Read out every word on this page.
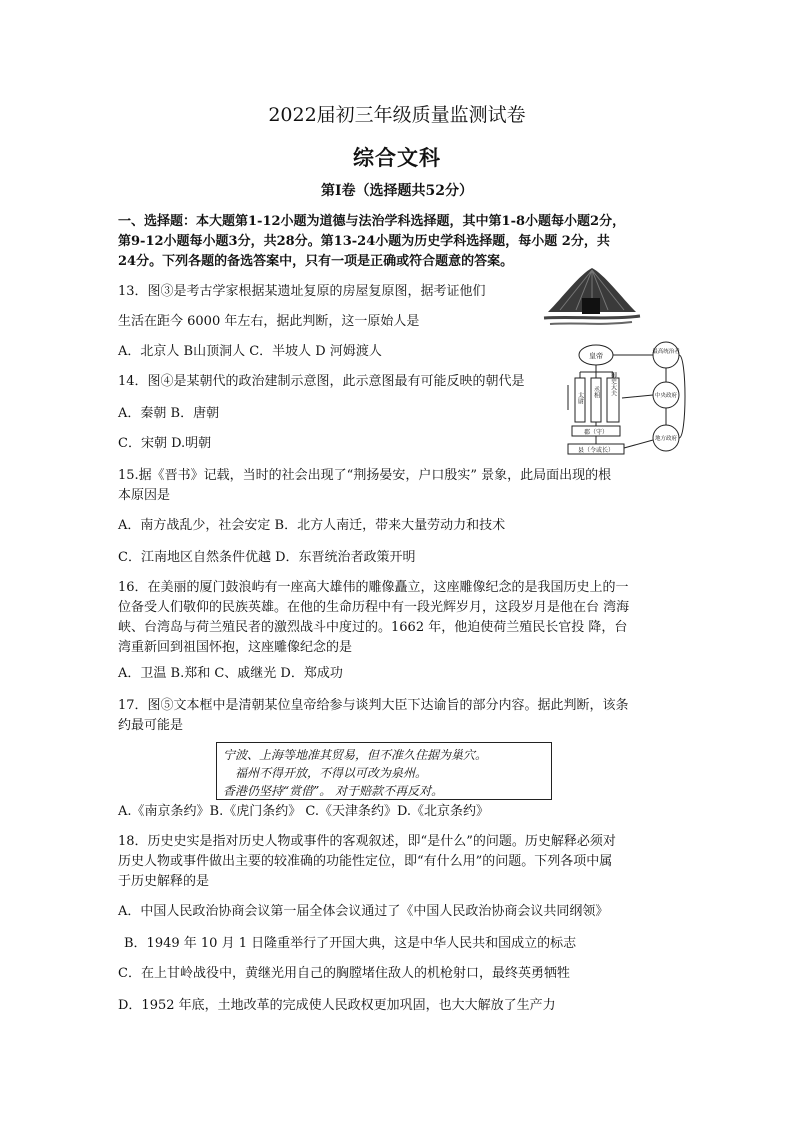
2022届初三年级质量监测试卷
综合文科
第Ⅰ卷（选择题共52分）
一、选择题：本大题第1-12小题为道德与法治学科选择题，其中第1-8小题每小题2分，
第9-12小题每小题3分，共28分。第13-24小题为历史学科选择题，每小题 2分，共
24分。下列各题的备选答案中，只有一项是正确或符合题意的答案。
13．图③是考古学家根据某遗址复原的房屋复原图，据考证他们
生活在距今 6000 年左右，据此判断，这一原始人是
A．北京人 B山顶洞人 C．半坡人 D 河姆渡人
14．图④是某朝代的政治建制示意图，此示意图最有可能反映的朝代是
A．秦朝 B．唐朝
C．宋朝 D.明朝
皇帝	最高统治者
中央政府
地方政府
太尉 丞相 御史大夫
郡（守）
县（令或长）
15.据《晋书》记载，当时的社会出现了“荆扬晏安，户口殷实” 景象，此局面出现的根
本原因是
A．南方战乱少，社会安定 B．北方人南迁，带来大量劳动力和技术
C．江南地区自然条件优越 D．东晋统治者政策开明
16．在美丽的厦门鼓浪屿有一座高大雄伟的雕像矗立，这座雕像纪念的是我国历史上的一
位备受人们敬仰的民族英雄。在他的生命历程中有一段光辉岁月，这段岁月是他在台 湾海
峡、台湾岛与荷兰殖民者的激烈战斗中度过的。1662 年，他迫使荷兰殖民长官投 降，台
湾重新回到祖国怀抱，这座雕像纪念的是
A．卫温 B.郑和 C、戚继光 D．郑成功
17．图⑤文本框中是清朝某位皇帝给参与谈判大臣下达谕旨的部分内容。据此判断，该条
约最可能是
宁波、上海等地准其贸易，但不准久住据为巢穴。
福州不得开放，不得以可改为泉州。
香港仍坚持“赏借”。 对于赔款不再反对。
A.《南京条约》B.《虎门条约》 C.《天津条约》D.《北京条约》
18．历史史实是指对历史人物或事件的客观叙述，即“是什么”的问题。历史解释必须对
历史人物或事件做出主要的较准确的功能性定位，即“有什么用”的问题。下列各项中属
于历史解释的是
A．中国人民政治协商会议第一届全体会议通过了《中国人民政治协商会议共同纲领》
B．1949 年 10 月 1 日隆重举行了开国大典，这是中华人民共和国成立的标志
C．在上甘岭战役中，黄继光用自己的胸膛堵住敌人的机枪射口，最终英勇牺牲
D．1952 年底，土地改革的完成使人民政权更加巩固，也大大解放了生产力
